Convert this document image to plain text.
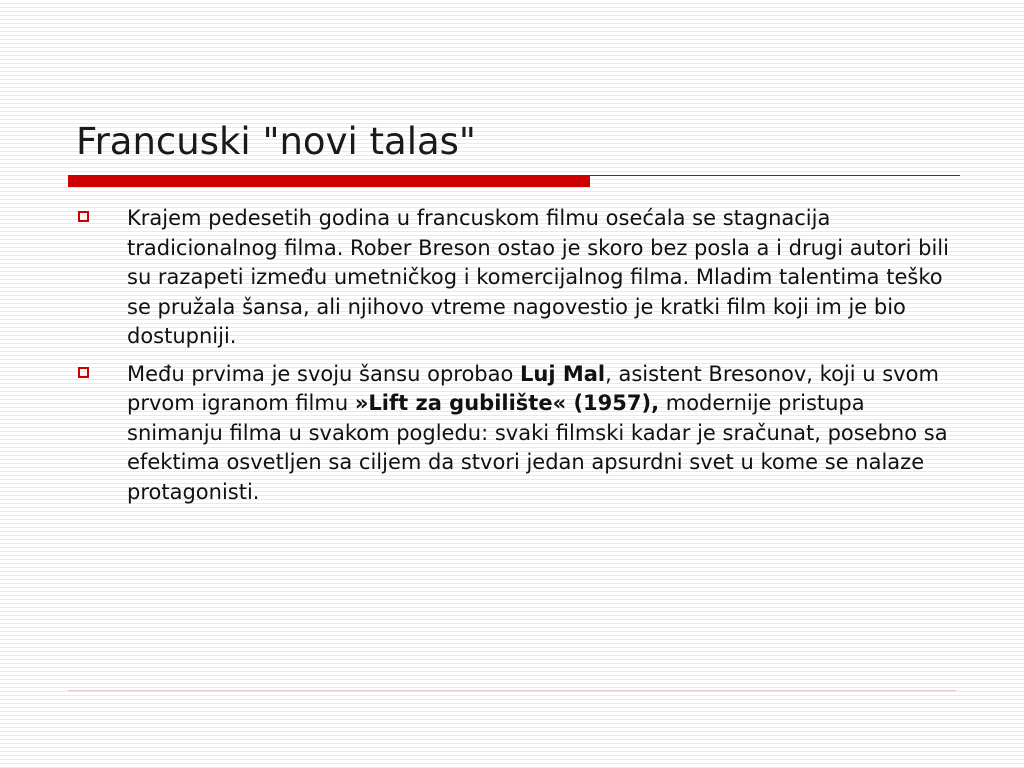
Francuski "novi talas"
Krajem pedesetih godina u francuskom filmu osećala se stagnacija tradicionalnog filma. Rober Breson ostao je skoro bez posla a i drugi autori bili su razapeti između umetničkog i komercijalnog filma. Mladim talentima teško se pružala šansa, ali njihovo vtreme nagovestio je kratki film koji im je bio dostupniji.
Među prvima je svoju šansu oprobao Luj Mal, asistent Bresonov, koji u svom prvom igranom filmu »Lift za gubilište« (1957), modernije pristupa snimanju filma u svakom pogledu: svaki filmski kadar je sračunat, posebno sa efektima osvetljen sa ciljem da stvori jedan apsurdni svet u kome se nalaze protagonisti.
